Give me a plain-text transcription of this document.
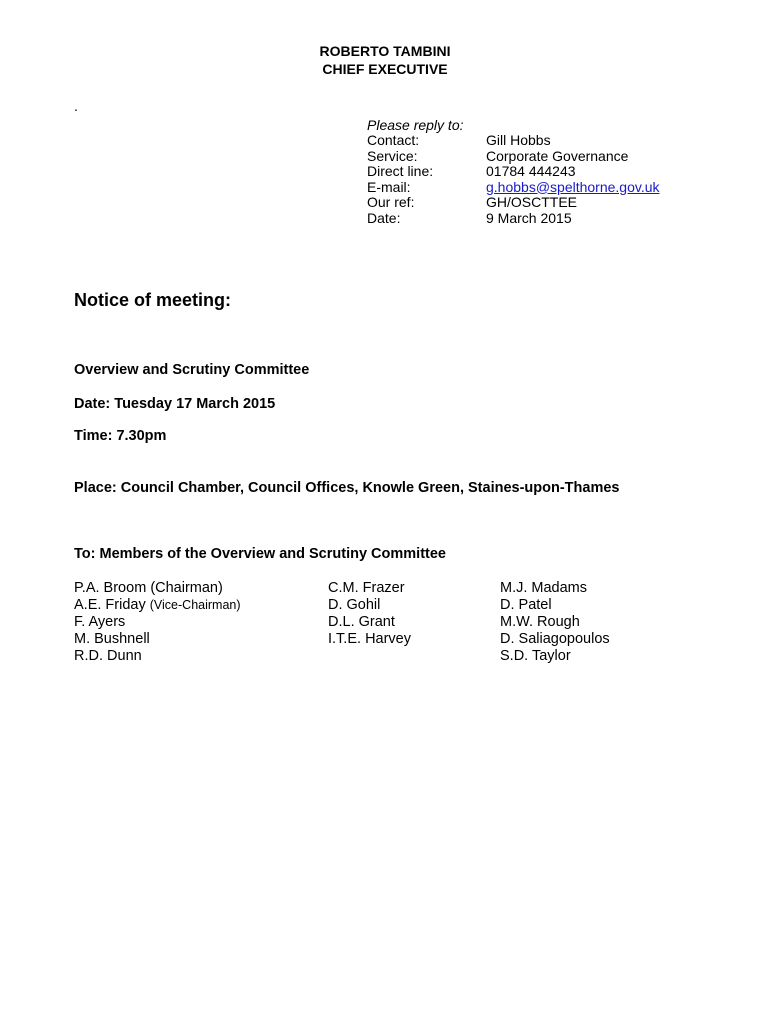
ROBERTO TAMBINI
CHIEF EXECUTIVE
.
Please reply to:
Contact:	Gill Hobbs
Service:	Corporate Governance
Direct line:	01784 444243
E-mail:	g.hobbs@spelthorne.gov.uk
Our ref:	GH/OSCTTEE
Date:	9 March 2015
Notice of meeting:
Overview and Scrutiny Committee
Date: Tuesday 17 March 2015
Time: 7.30pm
Place: Council Chamber, Council Offices, Knowle Green, Staines-upon-Thames
To: Members of the Overview and Scrutiny Committee
P.A. Broom (Chairman)
A.E. Friday (Vice-Chairman)
F. Ayers
M. Bushnell
R.D. Dunn
C.M. Frazer
D. Gohil
D.L. Grant
I.T.E. Harvey
M.J. Madams
D. Patel
M.W. Rough
D. Saliagopoulos
S.D. Taylor
